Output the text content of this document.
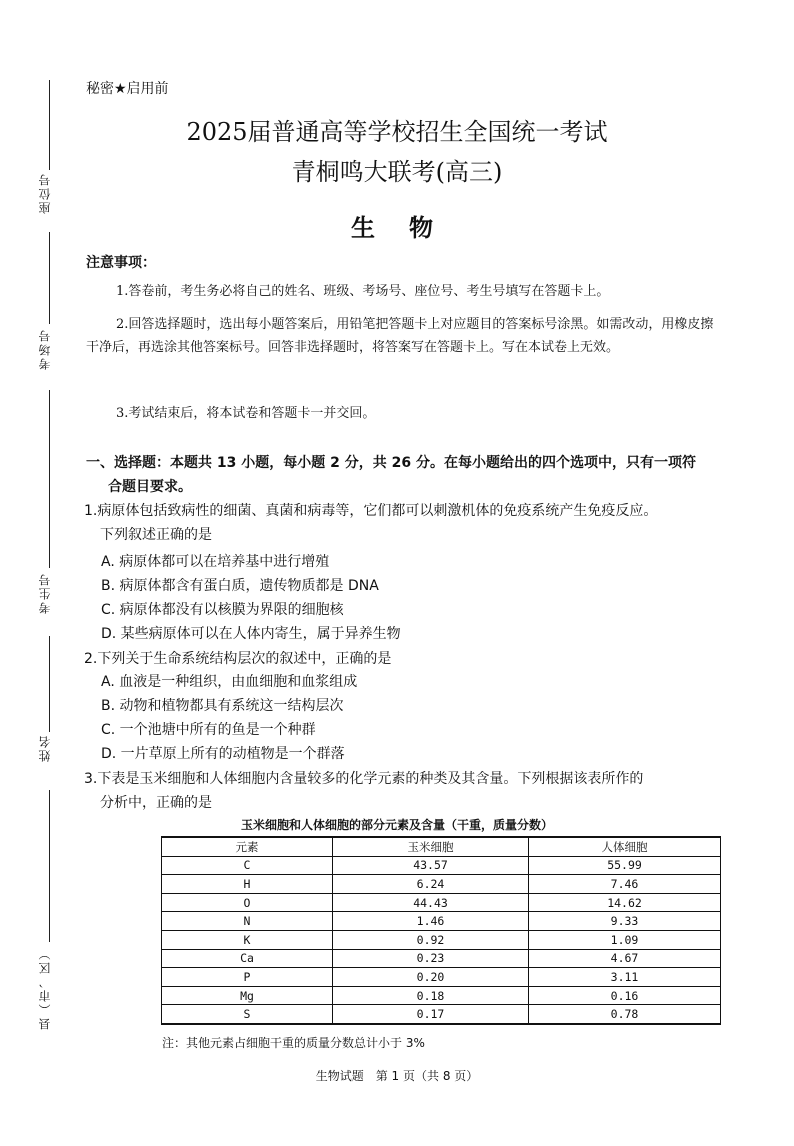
座位号
考场号
考生号
姓名
县（市、区）
秘密★启用前
2025届普通高等学校招生全国统一考试
青桐鸣大联考(高三)
生物
注意事项：
1.答卷前，考生务必将自己的姓名、班级、考场号、座位号、考生号填写在答题卡上。
2.回答选择题时，选出每小题答案后，用铅笔把答题卡上对应题目的答案标号涂黑。如需改动，用橡皮擦干净后，再选涂其他答案标号。回答非选择题时，将答案写在答题卡上。写在本试卷上无效。
3.考试结束后，将本试卷和答题卡一并交回。
一、选择题：本题共 13 小题，每小题 2 分，共 26 分。在每小题给出的四个选项中，只有一项符
合题目要求。
1.病原体包括致病性的细菌、真菌和病毒等，它们都可以刺激机体的免疫系统产生免疫反应。
下列叙述正确的是
A. 病原体都可以在培养基中进行增殖
B. 病原体都含有蛋白质，遗传物质都是 DNA
C. 病原体都没有以核膜为界限的细胞核
D. 某些病原体可以在人体内寄生，属于异养生物
2.下列关于生命系统结构层次的叙述中，正确的是
A. 血液是一种组织，由血细胞和血浆组成
B. 动物和植物都具有系统这一结构层次
C. 一个池塘中所有的鱼是一个种群
D. 一片草原上所有的动植物是一个群落
3.下表是玉米细胞和人体细胞内含量较多的化学元素的种类及其含量。下列根据该表所作的
分析中，正确的是
玉米细胞和人体细胞的部分元素及含量（干重，质量分数）
元素	玉米细胞	人体细胞
C	43.57	55.99
H	6.24	7.46
O	44.43	14.62
N	1.46	9.33
K	0.92	1.09
Ca	0.23	4.67
P	0.20	3.11
Mg	0.18	0.16
S	0.17	0.78
注：其他元素占细胞干重的质量分数总计小于 3%
生物试题　第 1 页（共 8 页）
